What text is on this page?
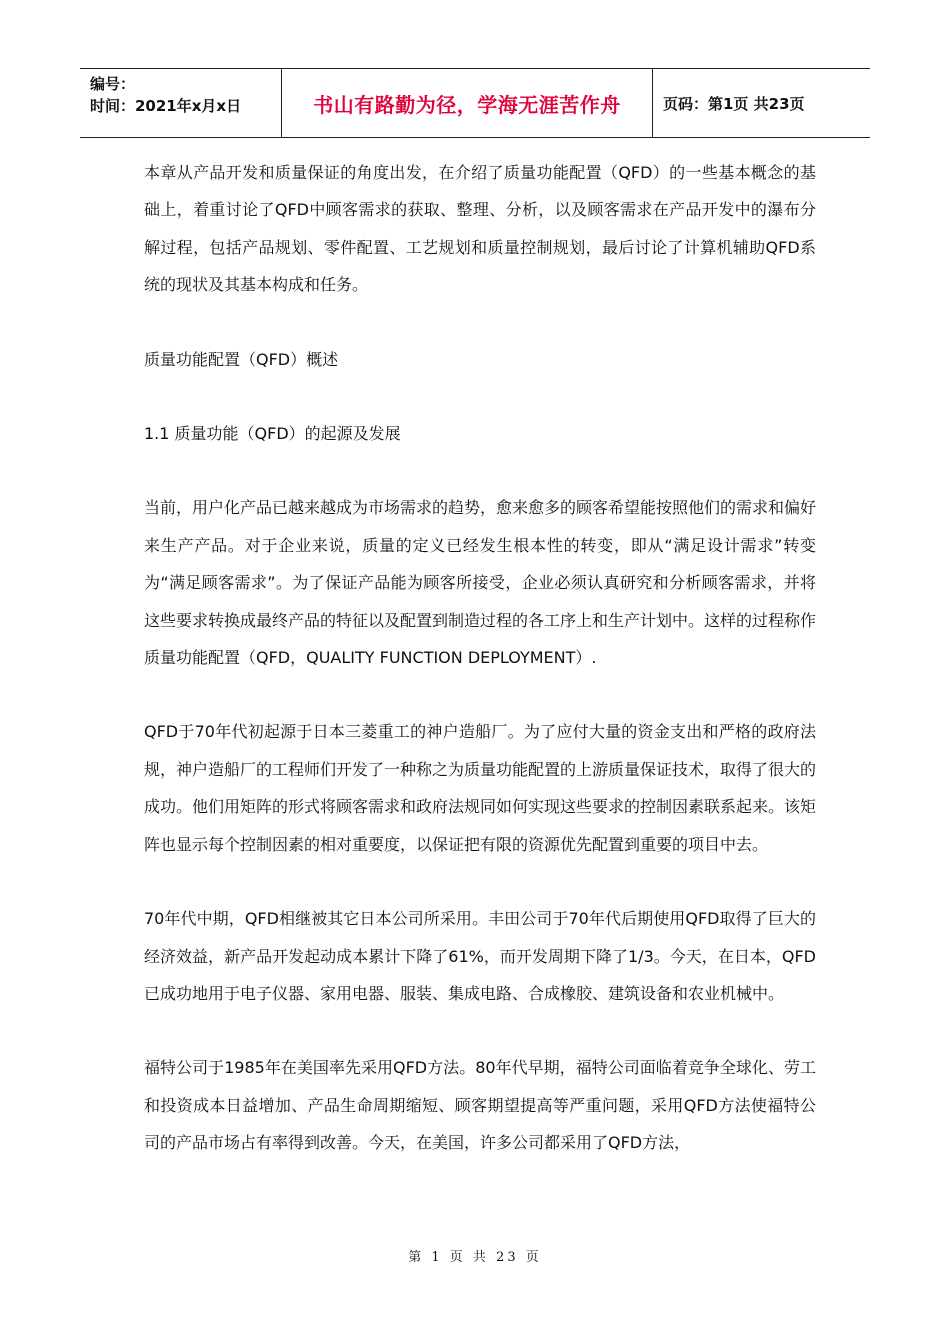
编号：
时间：2021年x月x日	书山有路勤为径，学海无涯苦作舟	页码：第1页 共23页

本章从产品开发和质量保证的角度出发，在介绍了质量功能配置（QFD）的一些基本概念的基础上，着重讨论了QFD中顾客需求的获取、整理、分析，以及顾客需求在产品开发中的瀑布分解过程，包括产品规划、零件配置、工艺规划和质量控制规划，最后讨论了计算机辅助QFD系统的现状及其基本构成和任务。

质量功能配置（QFD）概述

1.1 质量功能（QFD）的起源及发展

当前，用户化产品已越来越成为市场需求的趋势，愈来愈多的顾客希望能按照他们的需求和偏好来生产产品。对于企业来说，质量的定义已经发生根本性的转变，即从“满足设计需求”转变为“满足顾客需求”。为了保证产品能为顾客所接受，企业必须认真研究和分析顾客需求，并将这些要求转换成最终产品的特征以及配置到制造过程的各工序上和生产计划中。这样的过程称作质量功能配置（QFD，QUALITY FUNCTION DEPLOYMENT）.

QFD于70年代初起源于日本三菱重工的神户造船厂。为了应付大量的资金支出和严格的政府法规，神户造船厂的工程师们开发了一种称之为质量功能配置的上游质量保证技术，取得了很大的成功。他们用矩阵的形式将顾客需求和政府法规同如何实现这些要求的控制因素联系起来。该矩阵也显示每个控制因素的相对重要度，以保证把有限的资源优先配置到重要的项目中去。

70年代中期，QFD相继被其它日本公司所采用。丰田公司于70年代后期使用QFD取得了巨大的经济效益，新产品开发起动成本累计下降了61%，而开发周期下降了1/3。今天，在日本，QFD已成功地用于电子仪器、家用电器、服装、集成电路、合成橡胶、建筑设备和农业机械中。

福特公司于1985年在美国率先采用QFD方法。80年代早期，福特公司面临着竞争全球化、劳工和投资成本日益增加、产品生命周期缩短、顾客期望提高等严重问题，采用QFD方法使福特公司的产品市场占有率得到改善。今天，在美国，许多公司都采用了QFD方法，

第 1 页 共 23 页
